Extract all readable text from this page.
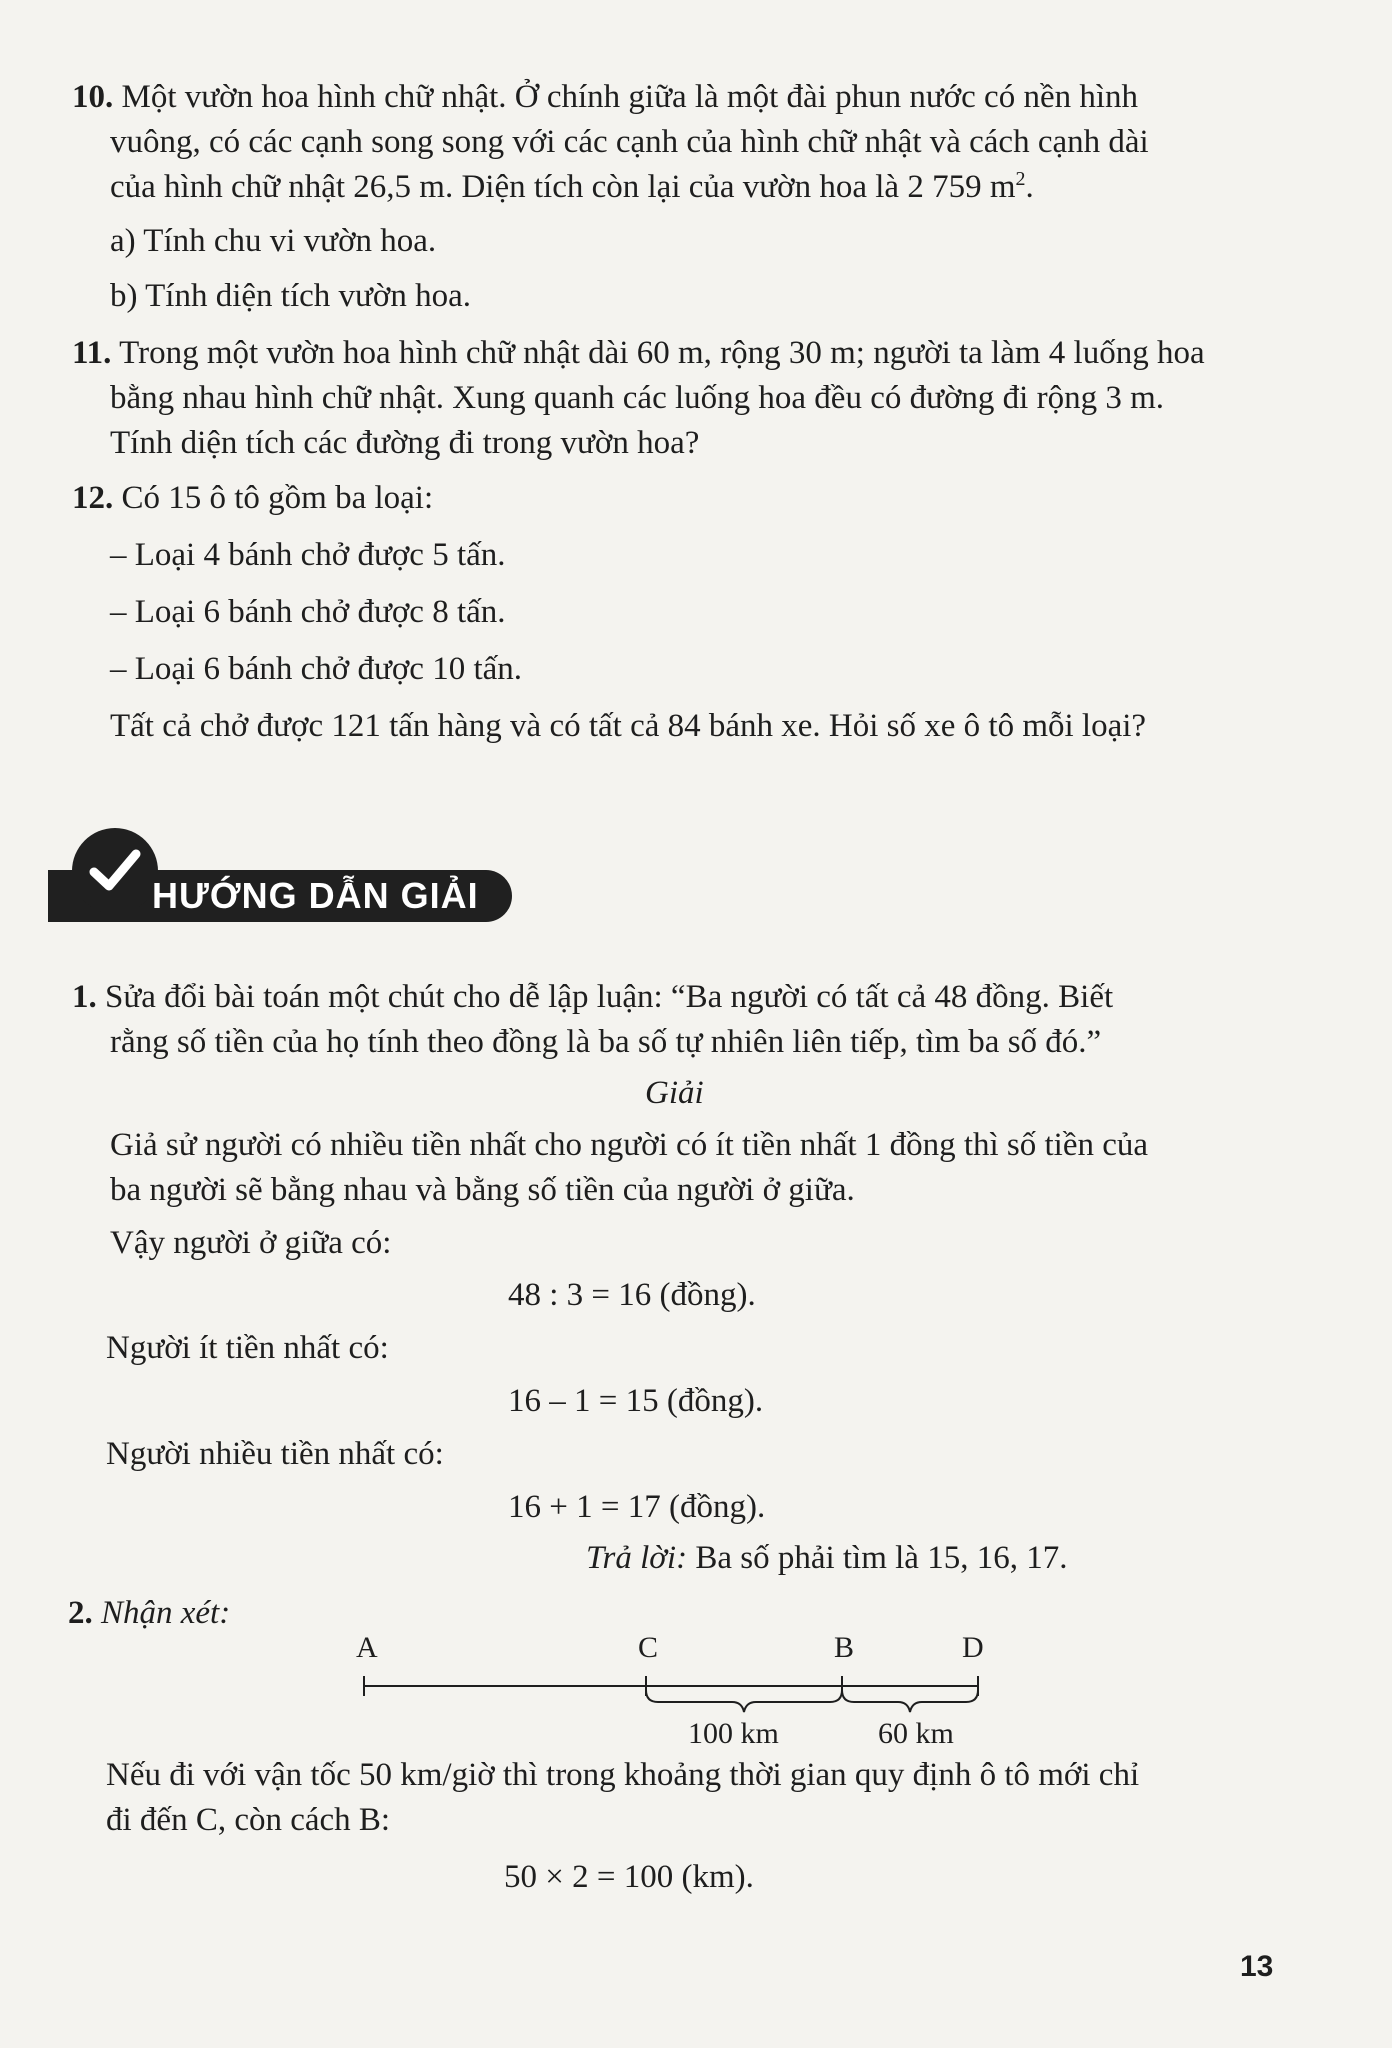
10. Một vườn hoa hình chữ nhật. Ở chính giữa là một đài phun nước có nền hình
vuông, có các cạnh song song với các cạnh của hình chữ nhật và cách cạnh dài
của hình chữ nhật 26,5 m. Diện tích còn lại của vườn hoa là 2 759 $m^2$.
a) Tính chu vi vườn hoa.
b) Tính diện tích vườn hoa.
11. Trong một vườn hoa hình chữ nhật dài 60 m, rộng 30 m; người ta làm 4 luống hoa
bằng nhau hình chữ nhật. Xung quanh các luống hoa đều có đường đi rộng 3 m.
Tính diện tích các đường đi trong vườn hoa?
12. Có 15 ô tô gồm ba loại:
– Loại 4 bánh chở được 5 tấn.
– Loại 6 bánh chở được 8 tấn.
– Loại 6 bánh chở được 10 tấn.
Tất cả chở được 121 tấn hàng và có tất cả 84 bánh xe. Hỏi số xe ô tô mỗi loại?
HƯỚNG DẪN GIẢI
1. Sửa đổi bài toán một chút cho dễ lập luận: “Ba người có tất cả 48 đồng. Biết
rằng số tiền của họ tính theo đồng là ba số tự nhiên liên tiếp, tìm ba số đó.”
Giải
Giả sử người có nhiều tiền nhất cho người có ít tiền nhất 1 đồng thì số tiền của
ba người sẽ bằng nhau và bằng số tiền của người ở giữa.
Vậy người ở giữa có:
48 : 3 = 16 (đồng).
Người ít tiền nhất có:
16 – 1 = 15 (đồng).
Người nhiều tiền nhất có:
16 + 1 = 17 (đồng).
Trả lời: Ba số phải tìm là 15, 16, 17.
2. Nhận xét:
A	C	B	D
100 km	60 km
Nếu đi với vận tốc 50 km/giờ thì trong khoảng thời gian quy định ô tô mới chỉ
đi đến C, còn cách B:
50 × 2 = 100 (km).
13
